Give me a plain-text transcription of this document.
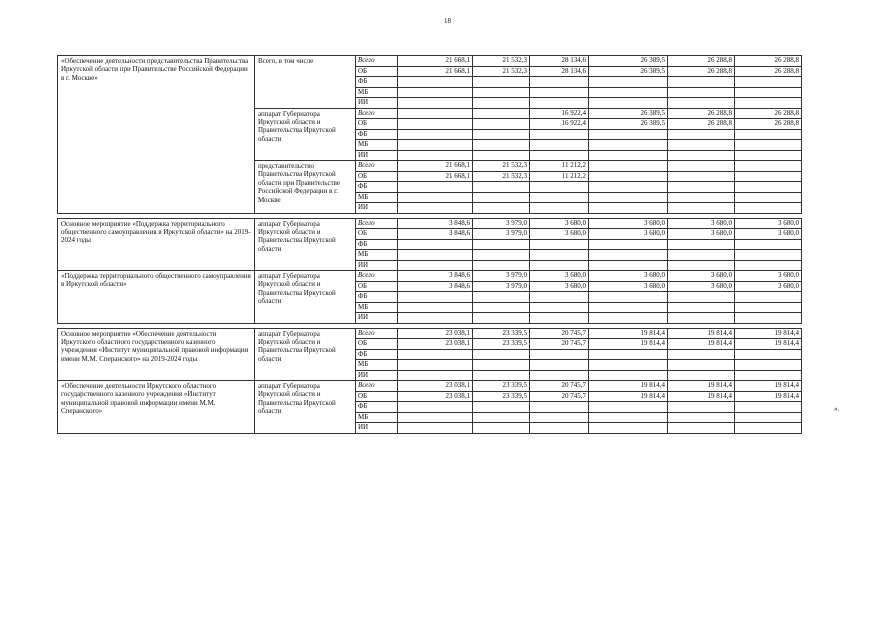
18
«Обеспечение деятельности представительства Правительства Иркутской области при Правительстве Российской Федерации в г. Москве»	Всего, в том числе	Всего	21 668,1	21 532,3	28 134,6	26 389,5	26 288,8	26 288,8
		ОБ	21 668,1	21 532,3	28 134,6	26 389,5	26 288,8	26 288,8
		ФБ						
		МБ						
		ИИ						
	аппарат Губернатора Иркутской области и Правительства Иркутской области	Всего			16 922,4	26 389,5	26 288,8	26 288,8
		ОБ			16 922,4	26 389,5	26 288,8	26 288,8
		ФБ						
		МБ						
		ИИ						
	представительство Правительства Иркутской области при Правительстве Российской Федерации в г. Москве	Всего	21 668,1	21 532,3	11 212,2			
		ОБ	21 668,1	21 532,3	11 212,2			
		ФБ						
		МБ						
		ИИ						

Основное мероприятие «Поддержка территориального общественного самоуправления в Иркутской области» на 2019-2024 годы	аппарат Губернатора Иркутской области и Правительства Иркутской области	Всего	3 848,6	3 979,0	3 680,0	3 680,0	3 680,0	3 680,0
		ОБ	3 848,6	3 979,0	3 680,0	3 680,0	3 680,0	3 680,0
		ФБ						
		МБ						
		ИИ						
«Поддержка территориального общественного самоуправления в Иркутской области»	аппарат Губернатора Иркутской области и Правительства Иркутской области	Всего	3 848,6	3 979,0	3 680,0	3 680,0	3 680,0	3 680,0
		ОБ	3 848,6	3 979,0	3 680,0	3 680,0	3 680,0	3 680,0
		ФБ						
		МБ						
		ИИ						

Основное мероприятие «Обеспечение деятельности Иркутского областного государственного казенного учреждения «Институт муниципальной правовой информации имени М.М. Сперанского» на 2019-2024 годы	аппарат Губернатора Иркутской области и Правительства Иркутской области	Всего	23 038,1	23 339,5	20 745,7	19 814,4	19 814,4	19 814,4
		ОБ	23 038,1	23 339,5	20 745,7	19 814,4	19 814,4	19 814,4
		ФБ						
		МБ						
		ИИ						
«Обеспечение деятельности Иркутского областного государственного казенного учреждения «Институт муниципальной правовой информации имени М.М. Сперанского»	аппарат Губернатора Иркутской области и Правительства Иркутской области	Всего	23 038,1	23 339,5	20 745,7	19 814,4	19 814,4	19 814,4
		ОБ	23 038,1	23 339,5	20 745,7	19 814,4	19 814,4	19 814,4
		ФБ						
		МБ						
		ИИ						
».
